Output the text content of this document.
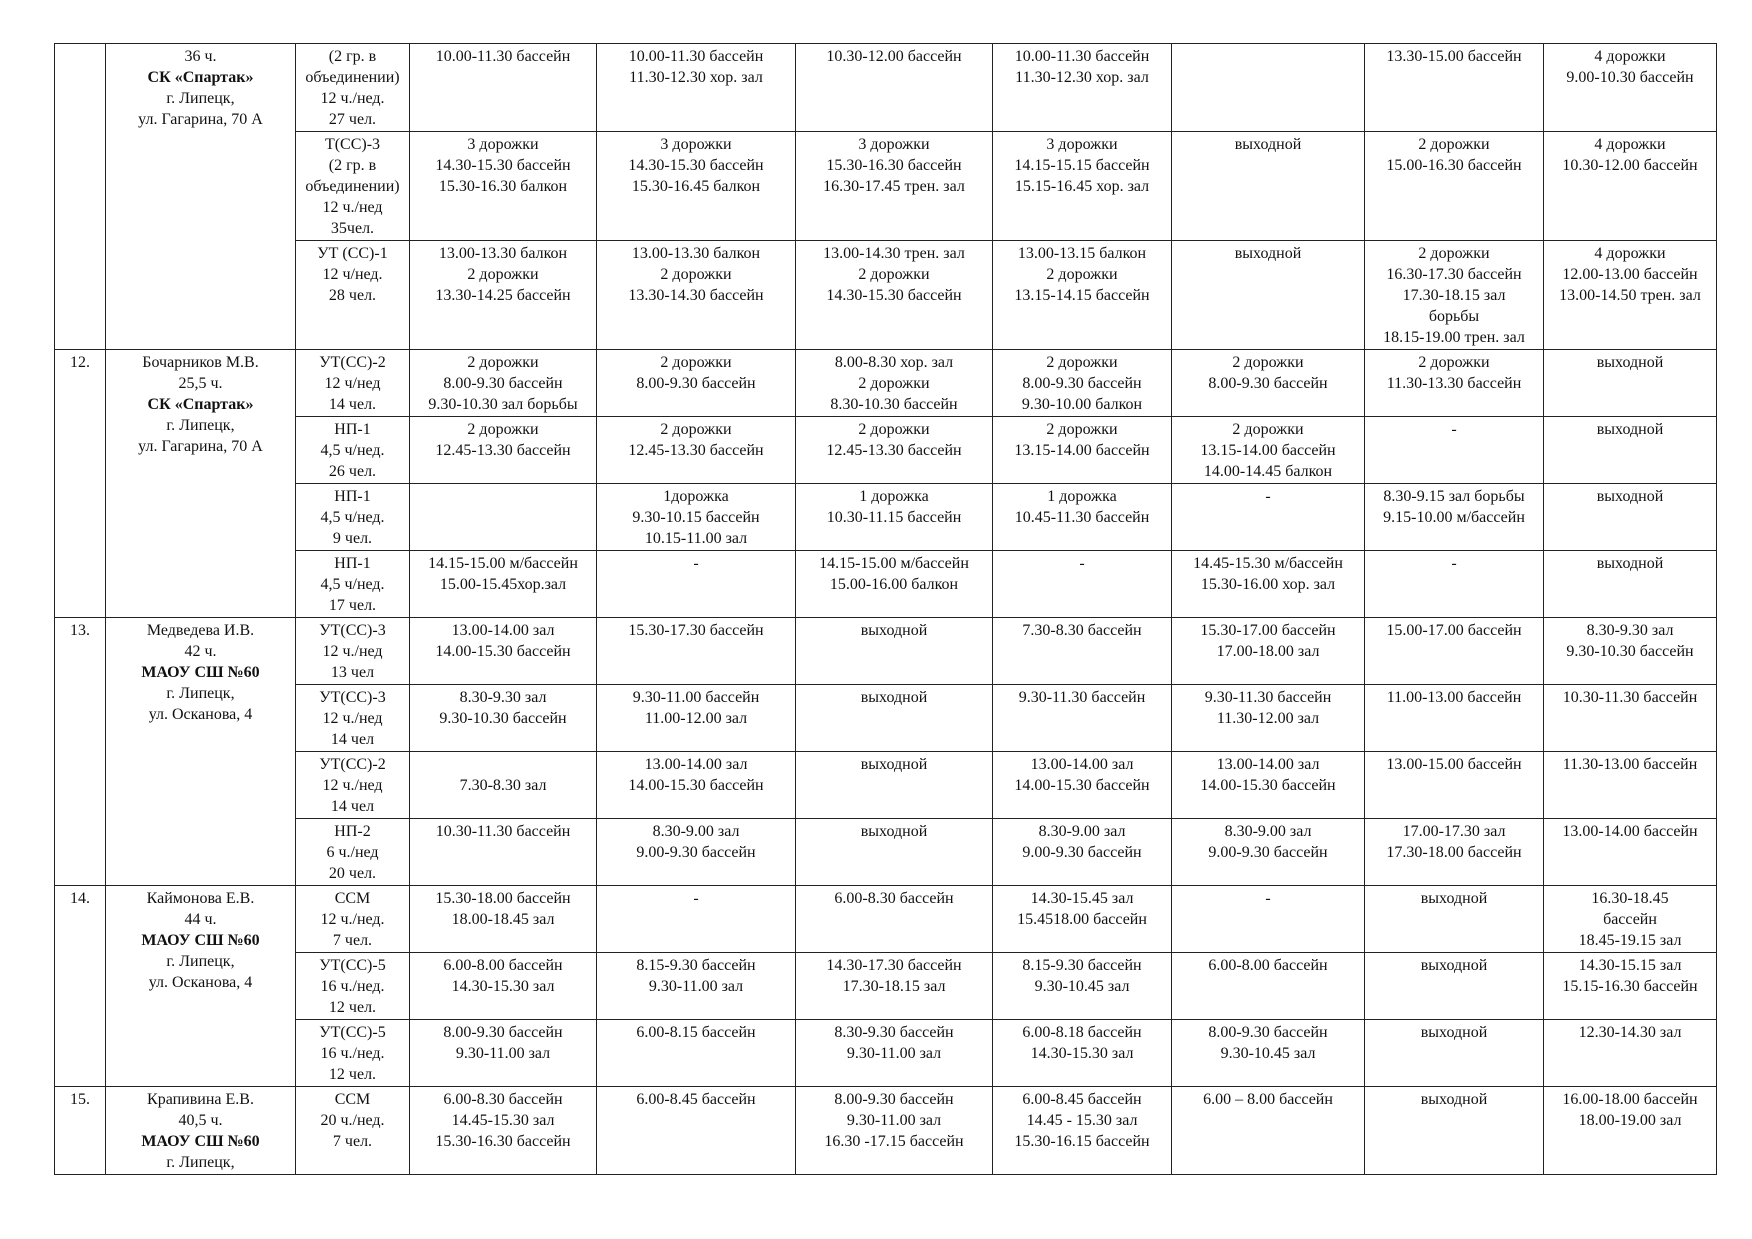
	36 ч.
СК «Спартак»
г. Липецк,
ул. Гагарина, 70 А	(2 гр. в
объединении)
12 ч./нед.
27 чел.	10.00-11.30 бассейн	10.00-11.30 бассейн
11.30-12.30 хор. зал	10.30-12.00 бассейн	10.00-11.30 бассейн
11.30-12.30 хор. зал		13.30-15.00 бассейн	4 дорожки
9.00-10.30 бассейн

		Т(СС)-3
(2 гр. в
объединении)
12 ч./нед
35чел.	3 дорожки
14.30-15.30 бассейн
15.30-16.30 балкон	3 дорожки
14.30-15.30 бассейн
15.30-16.45 балкон	3 дорожки
15.30-16.30 бассейн
16.30-17.45 трен. зал	3 дорожки
14.15-15.15 бассейн
15.15-16.45 хор. зал	выходной	2 дорожки
15.00-16.30 бассейн	4 дорожки
10.30-12.00 бассейн

		УТ (СС)-1
12 ч/нед.
28 чел.	13.00-13.30 балкон
2 дорожки
13.30-14.25 бассейн	13.00-13.30 балкон
2 дорожки
13.30-14.30 бассейн	13.00-14.30 трен. зал
2 дорожки
14.30-15.30 бассейн	13.00-13.15 балкон
2 дорожки
13.15-14.15 бассейн	выходной	2 дорожки
16.30-17.30 бассейн
17.30-18.15 зал
борьбы
18.15-19.00 трен. зал	4 дорожки
12.00-13.00 бассейн
13.00-14.50 трен. зал

12.	Бочарников М.В.
25,5 ч.
СК «Спартак»
г. Липецк,
ул. Гагарина, 70 А	УТ(СС)-2
12 ч/нед
14 чел.	2 дорожки
8.00-9.30 бассейн
9.30-10.30 зал борьбы	2 дорожки
8.00-9.30 бассейн	8.00-8.30 хор. зал
2 дорожки
8.30-10.30 бассейн	2 дорожки
8.00-9.30 бассейн
9.30-10.00 балкон	2 дорожки
8.00-9.30 бассейн	2 дорожки
11.30-13.30 бассейн	выходной

		НП-1
4,5 ч/нед.
26 чел.	2 дорожки
12.45-13.30 бассейн	2 дорожки
12.45-13.30 бассейн	2 дорожки
12.45-13.30 бассейн	2 дорожки
13.15-14.00 бассейн	2 дорожки
13.15-14.00 бассейн
14.00-14.45 балкон	-	выходной

		НП-1
4,5 ч/нед.
9 чел.		1дорожка
9.30-10.15 бассейн
10.15-11.00 зал	1 дорожка
10.30-11.15 бассейн	1 дорожка
10.45-11.30 бассейн	-	8.30-9.15 зал борьбы
9.15-10.00 м/бассейн	выходной

		НП-1
4,5 ч/нед.
17 чел.	14.15-15.00 м/бассейн
15.00-15.45хор.зал	-	14.15-15.00 м/бассейн
15.00-16.00 балкон	-	14.45-15.30 м/бассейн
15.30-16.00 хор. зал	-	выходной

13.	Медведева И.В.
42 ч.
МАОУ СШ №60
г. Липецк,
ул. Осканова, 4	УТ(СС)-3
12 ч./нед
13 чел	13.00-14.00 зал
14.00-15.30 бассейн	15.30-17.30 бассейн	выходной	7.30-8.30 бассейн	15.30-17.00 бассейн
17.00-18.00 зал	15.00-17.00 бассейн	8.30-9.30 зал
9.30-10.30 бассейн

		УТ(СС)-3
12 ч./нед
14 чел	8.30-9.30 зал
9.30-10.30 бассейн	9.30-11.00 бассейн
11.00-12.00 зал	выходной	9.30-11.30 бассейн	9.30-11.30 бассейн
11.30-12.00 зал	11.00-13.00 бассейн	10.30-11.30 бассейн

		УТ(СС)-2
12 ч./нед
14 чел	7.30-8.30 зал	13.00-14.00 зал
14.00-15.30 бассейн	выходной	13.00-14.00 зал
14.00-15.30 бассейн	13.00-14.00 зал
14.00-15.30 бассейн	13.00-15.00 бассейн	11.30-13.00 бассейн

		НП-2
6 ч./нед
20 чел.	10.30-11.30 бассейн	8.30-9.00 зал
9.00-9.30 бассейн	выходной	8.30-9.00 зал
9.00-9.30 бассейн	8.30-9.00 зал
9.00-9.30 бассейн	17.00-17.30 зал
17.30-18.00 бассейн	13.00-14.00 бассейн

14.	Каймонова Е.В.
44 ч.
МАОУ СШ №60
г. Липецк,
ул. Осканова, 4	ССМ
12 ч./нед.
7 чел.	15.30-18.00 бассейн
18.00-18.45 зал	-	6.00-8.30 бассейн	14.30-15.45 зал
15.4518.00 бассейн	-	выходной	16.30-18.45
бассейн
18.45-19.15 зал

		УТ(СС)-5
16 ч./нед.
12 чел.	6.00-8.00 бассейн
14.30-15.30 зал	8.15-9.30 бассейн
9.30-11.00 зал	14.30-17.30 бассейн
17.30-18.15 зал	8.15-9.30 бассейн
9.30-10.45 зал	6.00-8.00 бассейн	выходной	14.30-15.15 зал
15.15-16.30 бассейн

		УТ(СС)-5
16 ч./нед.
12 чел.	8.00-9.30 бассейн
9.30-11.00 зал	6.00-8.15 бассейн	8.30-9.30 бассейн
9.30-11.00 зал	6.00-8.18 бассейн
14.30-15.30 зал	8.00-9.30 бассейн
9.30-10.45 зал	выходной	12.30-14.30 зал

15.	Крапивина Е.В.
40,5 ч.
МАОУ СШ №60
г. Липецк,	ССМ
20 ч./нед.
7 чел.	6.00-8.30 бассейн
14.45-15.30 зал
15.30-16.30 бассейн	6.00-8.45 бассейн	8.00-9.30 бассейн
9.30-11.00 зал
16.30 -17.15 бассейн	6.00-8.45 бассейн
14.45 - 15.30 зал
15.30-16.15 бассейн	6.00 – 8.00 бассейн	выходной	16.00-18.00 бассейн
18.00-19.00 зал
